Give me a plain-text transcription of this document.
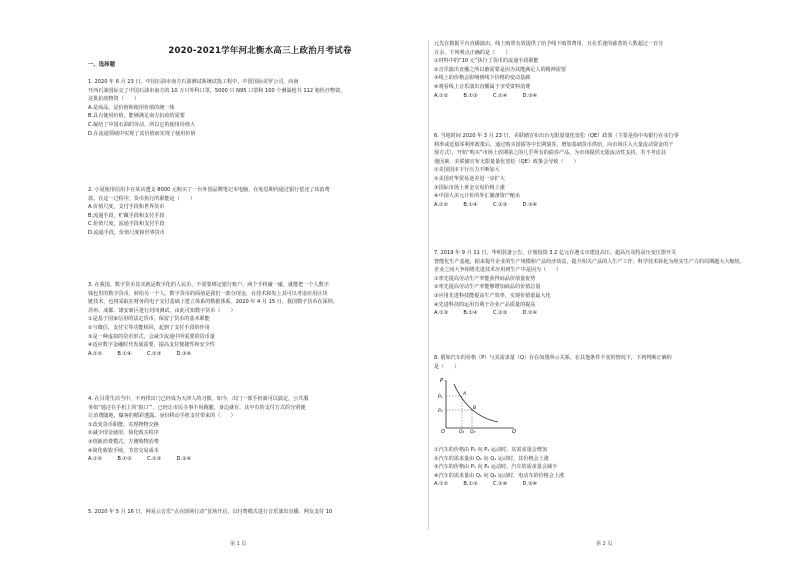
2020-2021学年河北衡水高三上政治月考试卷
一、选择题

1. 2020 年 6 月 23 日，中国石油市南方石油测试系统试投工程中，中国国际美罗公司，向南

开西石油国际交了中国石油市南方的 10 万只外科口罩，5000 只 N95 口罩和 100 个测温枪共 112 箱医疗物资，

这批抗疫物资（　　）

A.是商品，是价值和使用价值的统一体

B.具有使用价值，能够满足南方抗疫的需要

C.凝结了中国石油的劳动，所以它的使用价值大

D.在流通领域中实现了其价值而实现了使用价值

2. 小夏使用信用卡在某店透支 8000 元购买了一台外国品牌笔记本电脑，在免息期内通过银行偿还了该消费

款。在这一过程中，货币执行的职能是（　　）

A.价值尺度，支付手段和世界货币

B.流通手段，贮藏手段和支付手段

C.价值尺度，流通手段和支付手段

D.流通手段，价值尺度和世界货币

3. 在我国，数字货币其实就是数字化的人民币，不需要绑定银行账户，两个手机碰一碰，就能把一个人数字

钱包里的数字货币，转给另一个人。数字货币的面值是我们一部分现金，在技术和发上其可以考虑应用区块

链技术，也将采取在财务的电子支付基础上建立体系的数据体系。2020 年 4 月 15 日，我国数字货币在深圳、

苏州、成都、雄安新区进行封闭测试。由此可知数字货币（　　）

①是基于国家信用的法定货币，保留了货币的基本职能

②与微信、支付宝等功能相同，起到了支付手段的作用

③是一种虚拟的货币形式，会减少流通中所需要的货币量

④适应数字金融时代发展需要，提高支付便捷性和安全性

A.①②　　　B.①④　　　C.②③　　　D.③④

4. 在目常生活当中，不再找出门已经成为天津人的习惯。如今，出门一部手机就可以搞定，公共服

务如“通过在手机上的‘窗口’”，已经让市民办事不用跑腿，身边就有。其中有的支付方式的分别便

让消费随地，爆客的精彩透露。身份移动手机支付带来的（　　）

①改变货币职能，实现物物交换

②减少现金使用，简化购买程序

③创新消费模式，方便购物消费

④简化收银手续，节省交易成本

A.①②　　　B.①③　　　C.②③　　　D.②④

5. 2020 年 5 月 16 日，网易云音乐“点亮现场行动”首场开启，以付费模式进行音乐演出直播。网友支付 10

元先在数据平台直播演出，线上购票有效提供了给予线下购票费用，且在乐迷的慈善的人数超过一百分

万余，下列观点正确的是（　　）

①材料中的“10 元”执行了货币的流通手段职能

②音乐演出直播之所以被需要是因为其能满足人的精神需要

③线上的价格会影响到线下价格的变动基础

④观看线上音乐演出直播属于享受资料消费

A.①②　　　B.①③　　　C.②④　　　D.③④

6. 当地时间 2020 年 3 月 23 日，美联储宣布出台无限量量化宽松（QE）政策（主要是指中央银行在实行零

利率或近似零利率政策后，通过购买国债等中长期债券，增加基础货币供给，向市场注入大量流动资金的干

预方式），开始“购买”市场上放期第之的几乎所有的债券产品，为市场提供无限流动性支持。若不考虑其

他因素，美联储宣布无限量量化宽松（QE）政策会导致（　　）

①美国国市下行压力不断加大

②美国对华贸易逆差进一步扩大

③国际市场上黄金交易价格上涨

④中国大美元计价的外汇储备资产缩水

A.①②　　　B.①④　　　C.②③　　　D.③④

7. 2019 年 9 月 11 日，华明装备公告，计划投资 3.2 亿元在遵义市建设高压、超高压及特高压变压器开关

智能化生产基地，据来提升企业的生产规模和产品经济效益，提升相关产品的人生产工作。科学技术转化为现实生产力的周期越大大缩短。

企业之间大争相将先进技术应用到生产中是因为（　　）

①率先提高劳动生产率能获得商品价值量优势

②率先提高劳动生产率能够增加商品的价值总量

③应用先进科技能提高生产效率，实现价值量最大化

④先进科技的运用有利于企业产品质量的提高

A.①③　　　B.①④　　　C.②③　　　D.②④

8. 假如汽车的价格（P）与其需求量（Q）存在如图所示关系。在其他条件不变的情况下，下列判断正确的

是（　　）

①汽车的价格由 P₂ 向 P₁ 运动时，其需求量会增加

②汽车的需求量由 Q₂ 向 Q₁ 运动时，其价格会上涨

③汽车的价格由 P₁ 向 P₂ 运动时，汽车的需求量会减少

④汽车的需求量由 Q₁ 向 Q₂ 运动时，电动车的价格会上涨

A.①②　　　B.①③　　　C.②④　　　D.③④

P
Q
O
P₁
P₂
Q₁ Q₂
A
B
第 1 页	第 2 页
